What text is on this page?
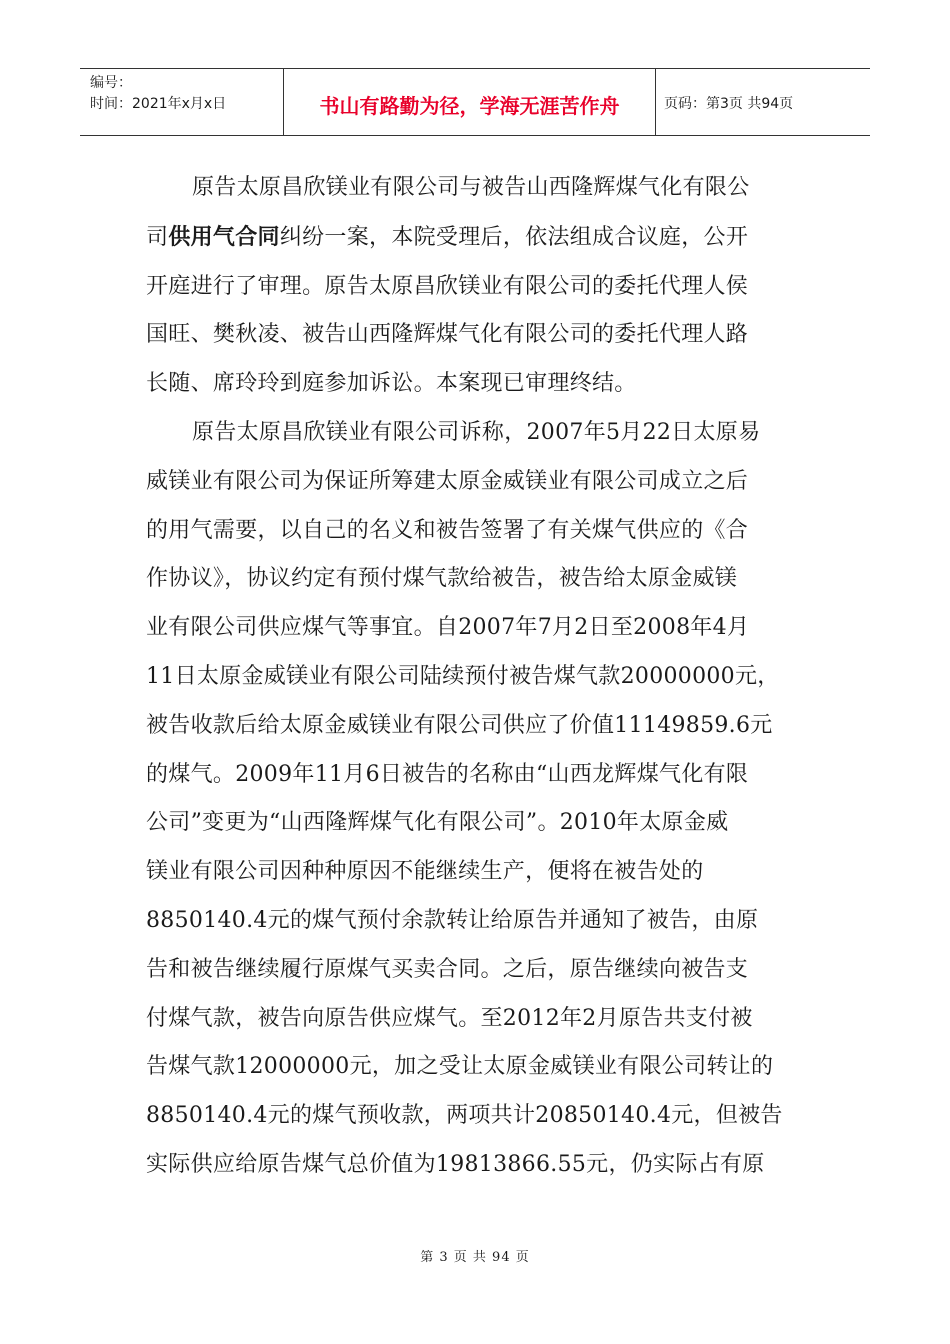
编号：
时间：2021年x月x日	书山有路勤为径，学海无涯苦作舟	页码：第3页 共94页

原告太原昌欣镁业有限公司与被告山西隆辉煤气化有限公
司供用气合同纠纷一案，本院受理后，依法组成合议庭，公开
开庭进行了审理。原告太原昌欣镁业有限公司的委托代理人侯
国旺、樊秋凌、被告山西隆辉煤气化有限公司的委托代理人路
长随、席玲玲到庭参加诉讼。本案现已审理终结。

原告太原昌欣镁业有限公司诉称，2007年5月22日太原易
威镁业有限公司为保证所筹建太原金威镁业有限公司成立之后
的用气需要，以自己的名义和被告签署了有关煤气供应的《合
作协议》，协议约定有预付煤气款给被告，被告给太原金威镁
业有限公司供应煤气等事宜。自2007年7月2日至2008年4月
11日太原金威镁业有限公司陆续预付被告煤气款20000000元，
被告收款后给太原金威镁业有限公司供应了价值11149859.6元
的煤气。2009年11月6日被告的名称由“山西龙辉煤气化有限
公司”变更为“山西隆辉煤气化有限公司”。2010年太原金威
镁业有限公司因种种原因不能继续生产，便将在被告处的
8850140.4元的煤气预付余款转让给原告并通知了被告，由原
告和被告继续履行原煤气买卖合同。之后，原告继续向被告支
付煤气款，被告向原告供应煤气。至2012年2月原告共支付被
告煤气款12000000元，加之受让太原金威镁业有限公司转让的
8850140.4元的煤气预收款，两项共计20850140.4元，但被告
实际供应给原告煤气总价值为19813866.55元，仍实际占有原

第 3 页 共 94 页
